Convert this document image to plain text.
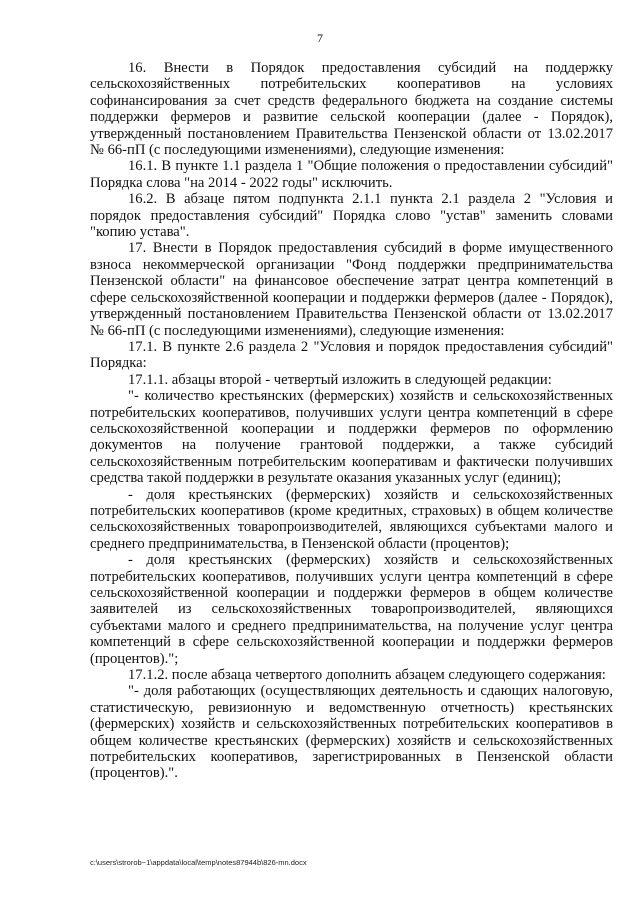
7

16. Внести в Порядок предоставления субсидий на поддержку сельскохозяйственных потребительских кооперативов на условиях софинансирования за счет средств федерального бюджета на создание системы поддержки фермеров и развитие сельской кооперации (далее - Порядок), утвержденный постановлением Правительства Пензенской области от 13.02.2017 № 66-пП (с последующими изменениями), следующие изменения:

16.1. В пункте 1.1 раздела 1 "Общие положения о предоставлении субсидий" Порядка слова "на 2014 - 2022 годы" исключить.

16.2. В абзаце пятом подпункта 2.1.1 пункта 2.1 раздела 2 "Условия и порядок предоставления субсидий" Порядка слово "устав" заменить словами "копию устава".

17. Внести в Порядок предоставления субсидий в форме имущественного взноса некоммерческой организации "Фонд поддержки предпринимательства Пензенской области" на финансовое обеспечение затрат центра компетенций в сфере сельскохозяйственной кооперации и поддержки фермеров (далее - Порядок), утвержденный постановлением Правительства Пензенской области от 13.02.2017 № 66-пП (с последующими изменениями), следующие изменения:

17.1. В пункте 2.6 раздела 2 "Условия и порядок предоставления субсидий" Порядка:

17.1.1. абзацы второй - четвертый изложить в следующей редакции:

"- количество крестьянских (фермерских) хозяйств и сельскохозяйственных потребительских кооперативов, получивших услуги центра компетенций в сфере сельскохозяйственной кооперации и поддержки фермеров по оформлению документов на получение грантовой поддержки, а также субсидий сельскохозяйственным потребительским кооперативам и фактически получивших средства такой поддержки в результате оказания указанных услуг (единиц);

- доля крестьянских (фермерских) хозяйств и сельскохозяйственных потребительских кооперативов (кроме кредитных, страховых) в общем количестве сельскохозяйственных товаропроизводителей, являющихся субъектами малого и среднего предпринимательства, в Пензенской области (процентов);

- доля крестьянских (фермерских) хозяйств и сельскохозяйственных потребительских кооперативов, получивших услуги центра компетенций в сфере сельскохозяйственной кооперации и поддержки фермеров в общем количестве заявителей из сельскохозяйственных товаропроизводителей, являющихся субъектами малого и среднего предпринимательства, на получение услуг центра компетенций в сфере сельскохозяйственной кооперации и поддержки фермеров (процентов).";

17.1.2. после абзаца четвертого дополнить абзацем следующего содержания:

"- доля работающих (осуществляющих деятельность и сдающих налоговую, статистическую, ревизионную и ведомственную отчетность) крестьянских (фермерских) хозяйств и сельскохозяйственных потребительских кооперативов в общем количестве крестьянских (фермерских) хозяйств и сельскохозяйственных потребительских кооперативов, зарегистрированных в Пензенской области (процентов).".

c:\users\strorob~1\appdata\local\temp\notes87944b\826-mn.docx
